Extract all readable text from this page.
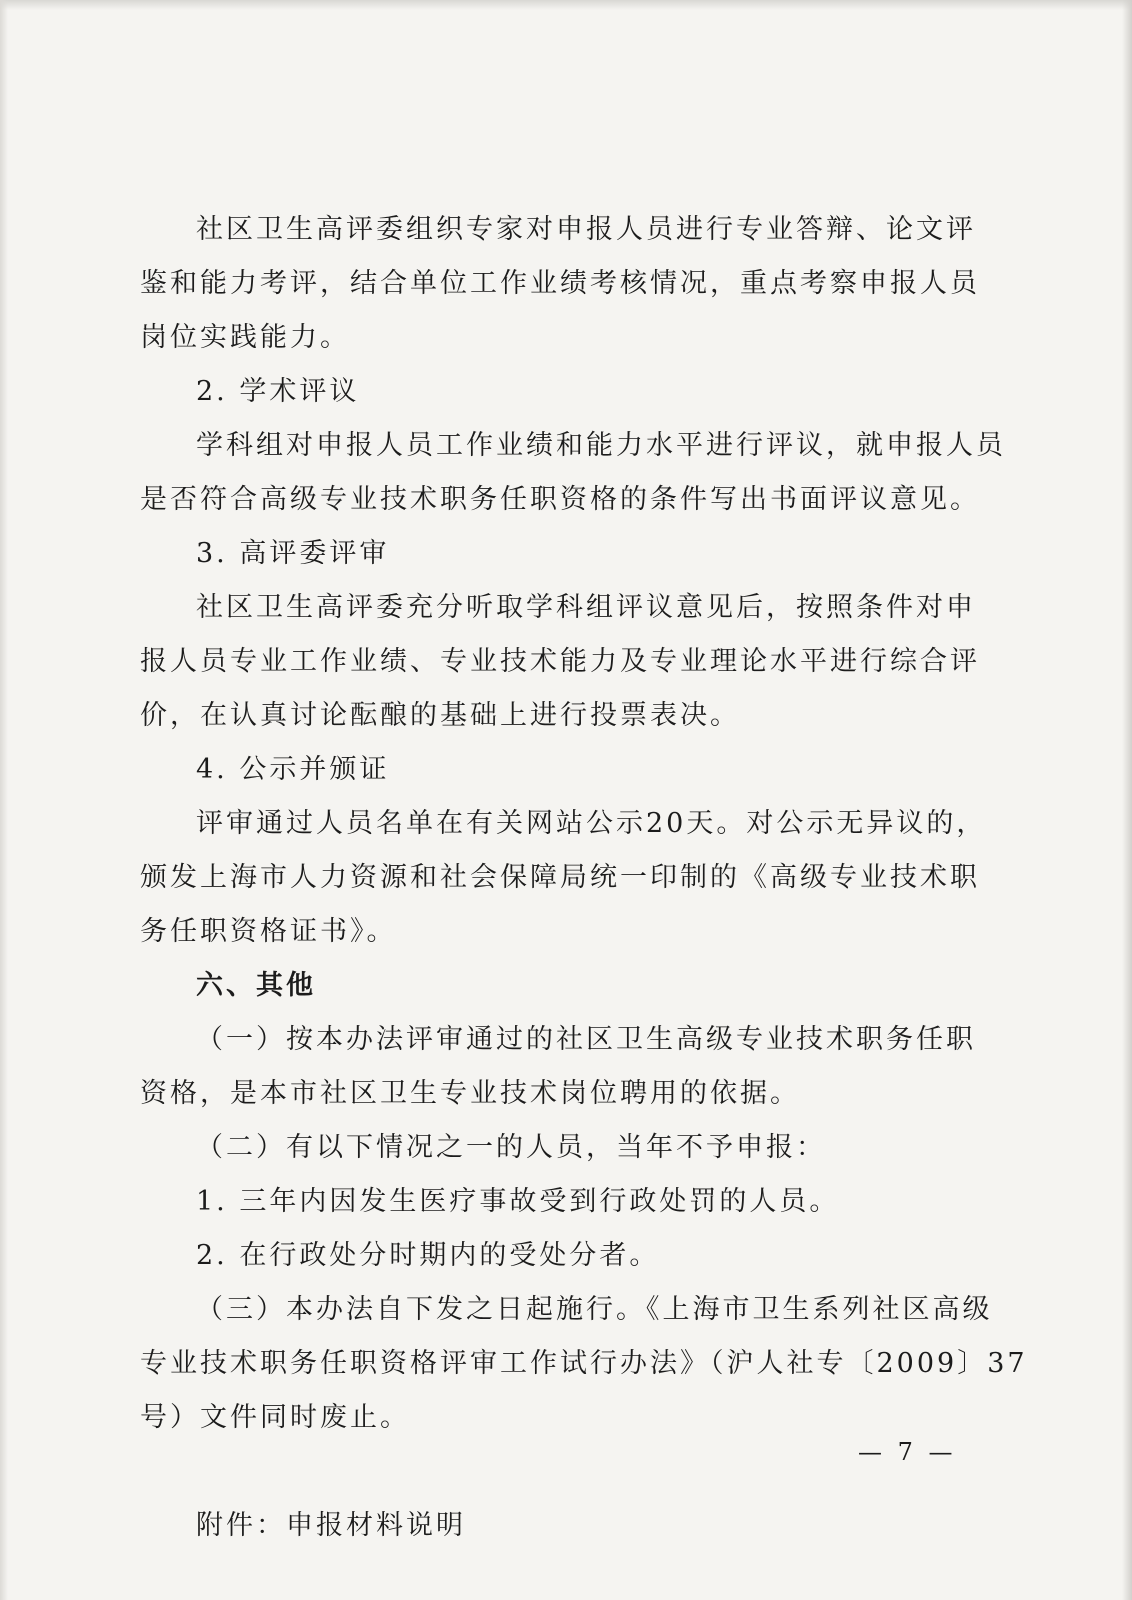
社区卫生高评委组织专家对申报人员进行专业答辩、论文评
鉴和能力考评，结合单位工作业绩考核情况，重点考察申报人员
岗位实践能力。
2. 学术评议
学科组对申报人员工作业绩和能力水平进行评议，就申报人员
是否符合高级专业技术职务任职资格的条件写出书面评议意见。
3. 高评委评审
社区卫生高评委充分听取学科组评议意见后，按照条件对申
报人员专业工作业绩、专业技术能力及专业理论水平进行综合评
价，在认真讨论酝酿的基础上进行投票表决。
4. 公示并颁证
评审通过人员名单在有关网站公示20天。对公示无异议的，
颁发上海市人力资源和社会保障局统一印制的《高级专业技术职
务任职资格证书》。
六、其他
（一）按本办法评审通过的社区卫生高级专业技术职务任职
资格，是本市社区卫生专业技术岗位聘用的依据。
（二）有以下情况之一的人员，当年不予申报：
1. 三年内因发生医疗事故受到行政处罚的人员。
2. 在行政处分时期内的受处分者。
（三）本办法自下发之日起施行。《上海市卫生系列社区高级
专业技术职务任职资格评审工作试行办法》（沪人社专〔2009〕37
号）文件同时废止。
附件：申报材料说明
— 7 —
